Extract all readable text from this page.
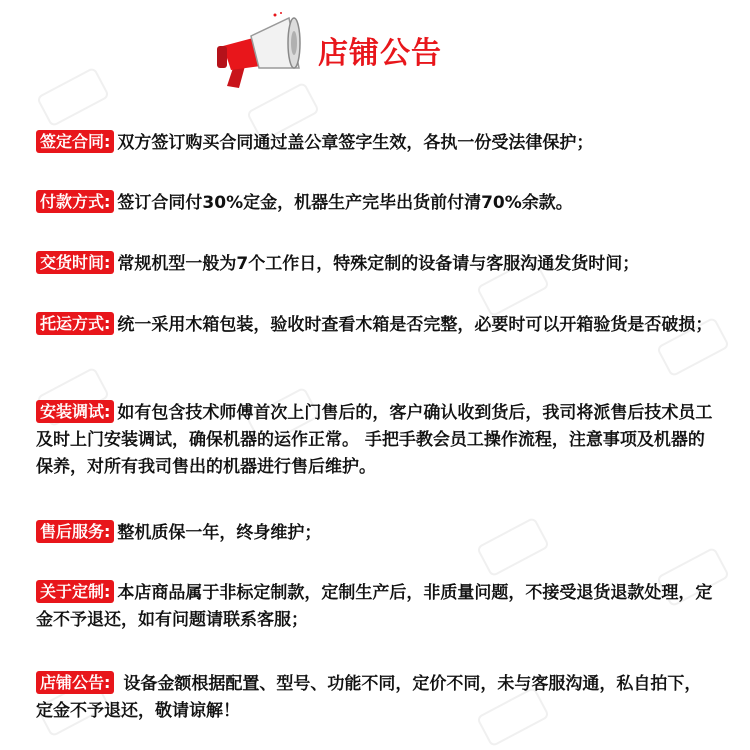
店铺公告
签定合同: 双方签订购买合同通过盖公章签字生效，各执一份受法律保护；
付款方式: 签订合同付30%定金，机器生产完毕出货前付清70%余款。
交货时间: 常规机型一般为7个工作日，特殊定制的设备请与客服沟通发货时间；
托运方式: 统一采用木箱包装，验收时查看木箱是否完整，必要时可以开箱验货是否破损；
安装调试: 如有包含技术师傅首次上门售后的，客户确认收到货后，我司将派售后技术员工及时上门安装调试，确保机器的运作正常。 手把手教会员工操作流程，注意事项及机器的保养，对所有我司售出的机器进行售后维护。
售后服务: 整机质保一年，终身维护；
关于定制: 本店商品属于非标定制款，定制生产后，非质量问题，不接受退货退款处理，定金不予退还，如有问题请联系客服；
店铺公告: 设备金额根据配置、型号、功能不同，定价不同，未与客服沟通，私自拍下，定金不予退还，敬请谅解！
